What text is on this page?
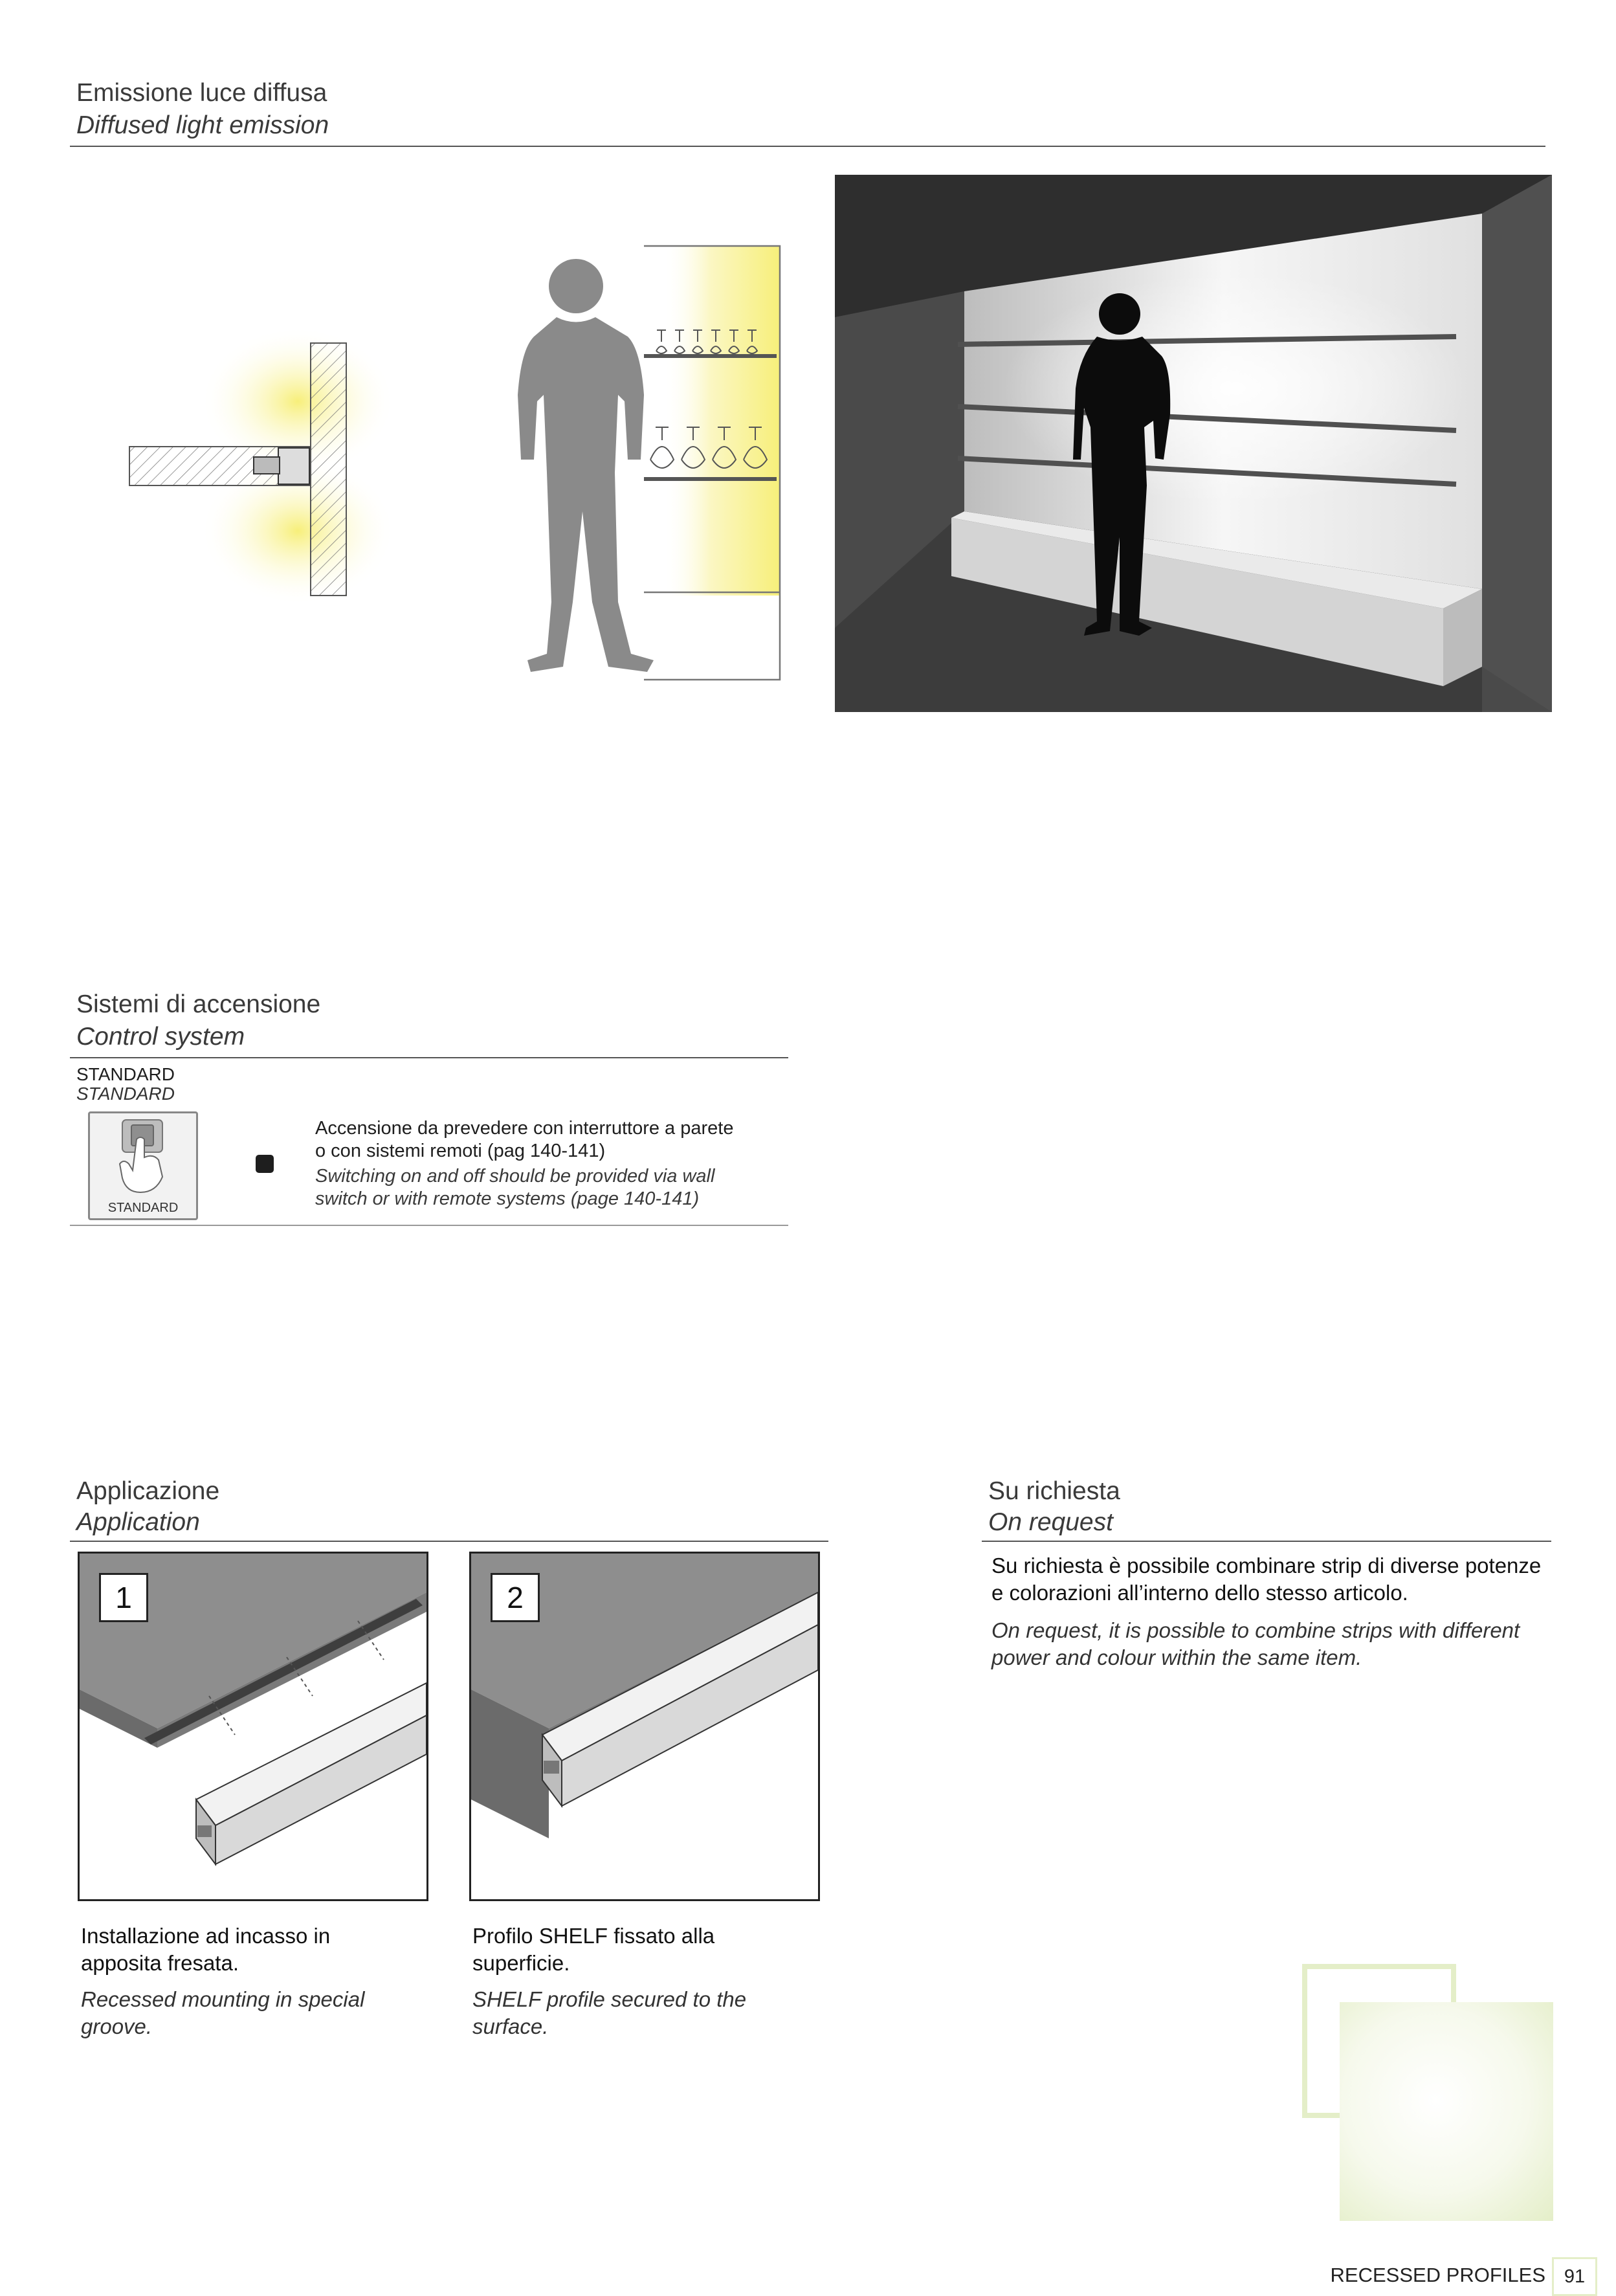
Emissione luce diffusa
Diffused light emission
Sistemi di accensione
Control system
STANDARD
STANDARD
STANDARD
Accensione da prevedere con interruttore a parete o con sistemi remoti (pag 140-141)
Switching on and off should be provided via wall switch or with remote systems (page 140-141)
Applicazione
Application
1	2
Installazione ad incasso in apposita fresata.
Recessed mounting in special groove.
Profilo SHELF fissato alla superficie.
SHELF profile secured to the surface.
Su richiesta
On request
Su richiesta è possibile combinare strip di diverse potenze e colorazioni all’interno dello stesso articolo.
On request, it is possible to combine strips with different power and colour within the same item.
RECESSED PROFILES 91
